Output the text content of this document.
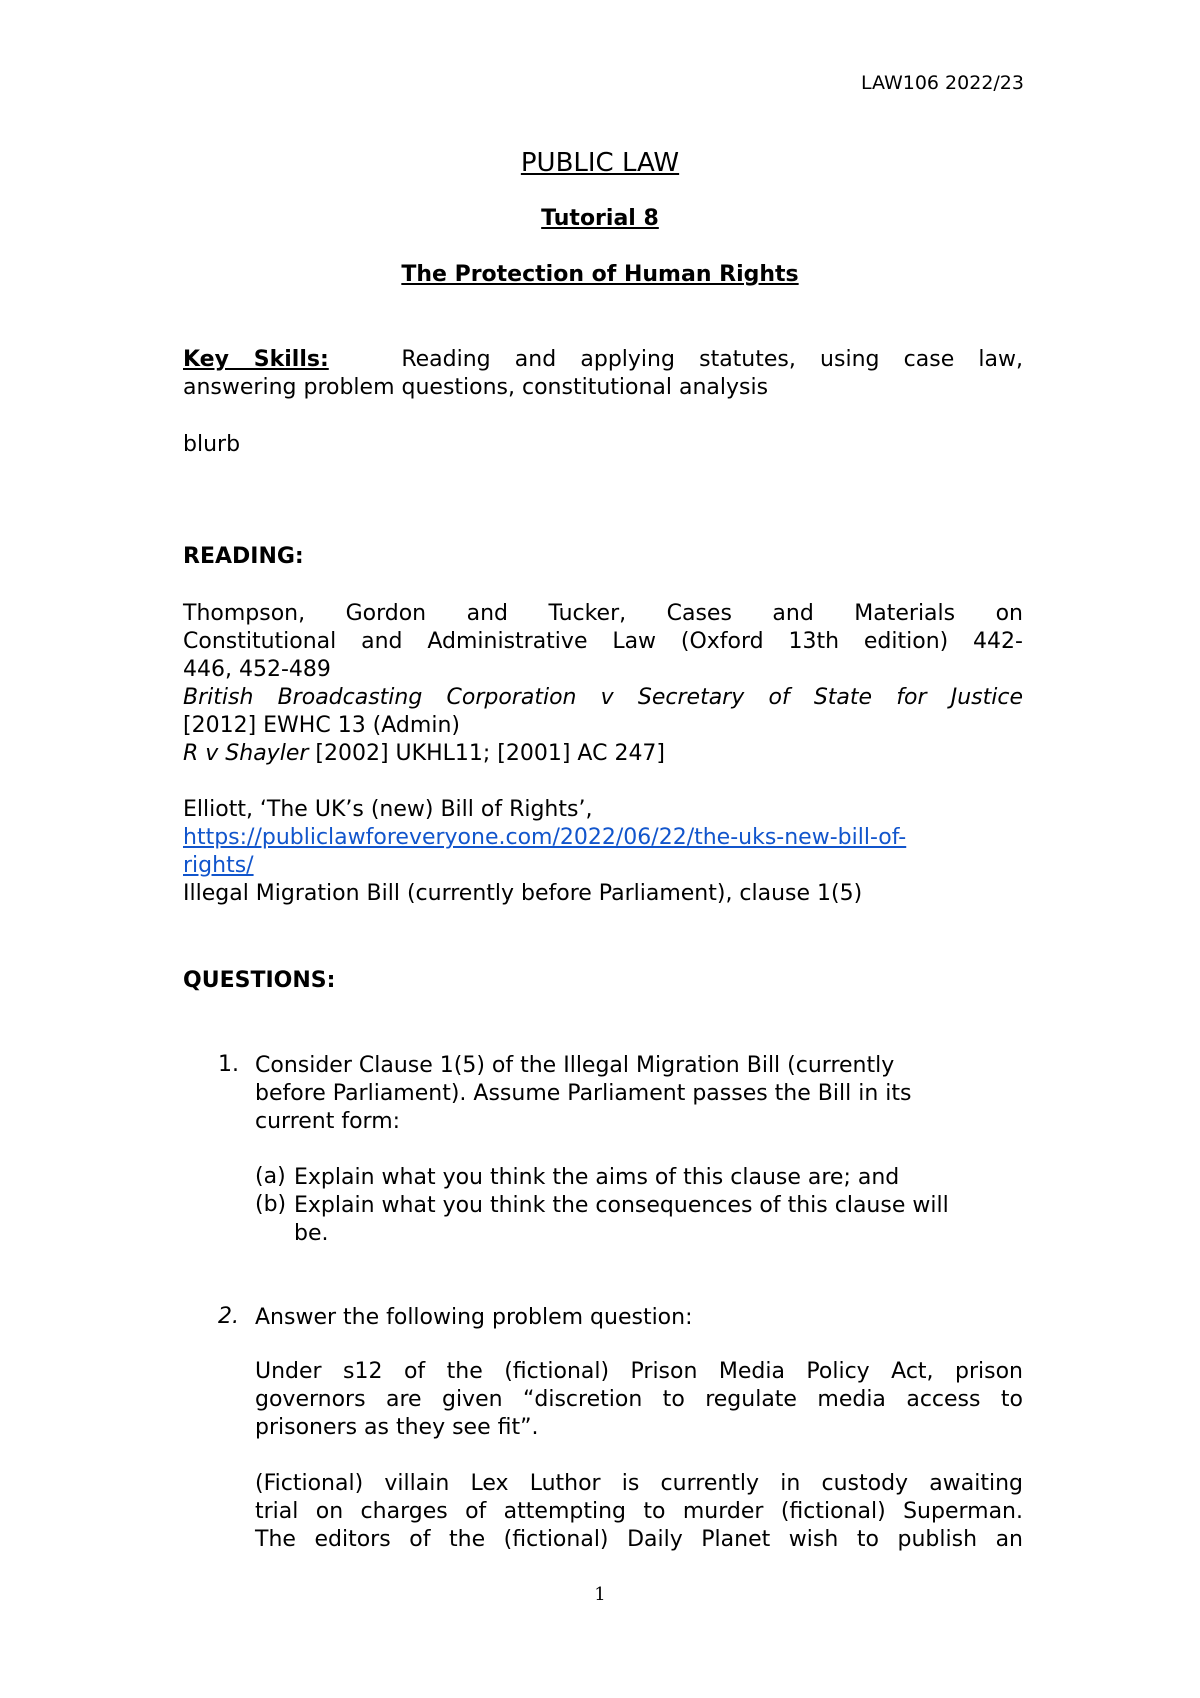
LAW106 2022/23
PUBLIC LAW
Tutorial 8
The Protection of Human Rights
Key Skills:	Reading and applying statutes, using case law,
answering problem questions, constitutional analysis
blurb
READING:
Thompson, Gordon and Tucker, Cases and Materials on
Constitutional and Administrative Law (Oxford 13th edition) 442-
446, 452-489
British Broadcasting Corporation v Secretary of State for Justice
[2012] EWHC 13 (Admin)
R v Shayler [2002] UKHL11; [2001] AC 247]
Elliott, ‘The UK’s (new) Bill of Rights’,
https://publiclawforeveryone.com/2022/06/22/the-uks-new-bill-of-
rights/
Illegal Migration Bill (currently before Parliament), clause 1(5)
QUESTIONS:
1. Consider Clause 1(5) of the Illegal Migration Bill (currently
before Parliament). Assume Parliament passes the Bill in its
current form:
(a) Explain what you think the aims of this clause are; and
(b) Explain what you think the consequences of this clause will
be.
2. Answer the following problem question:
Under s12 of the (fictional) Prison Media Policy Act, prison
governors are given “discretion to regulate media access to
prisoners as they see fit”.
(Fictional) villain Lex Luthor is currently in custody awaiting
trial on charges of attempting to murder (fictional) Superman.
The editors of the (fictional) Daily Planet wish to publish an
1
